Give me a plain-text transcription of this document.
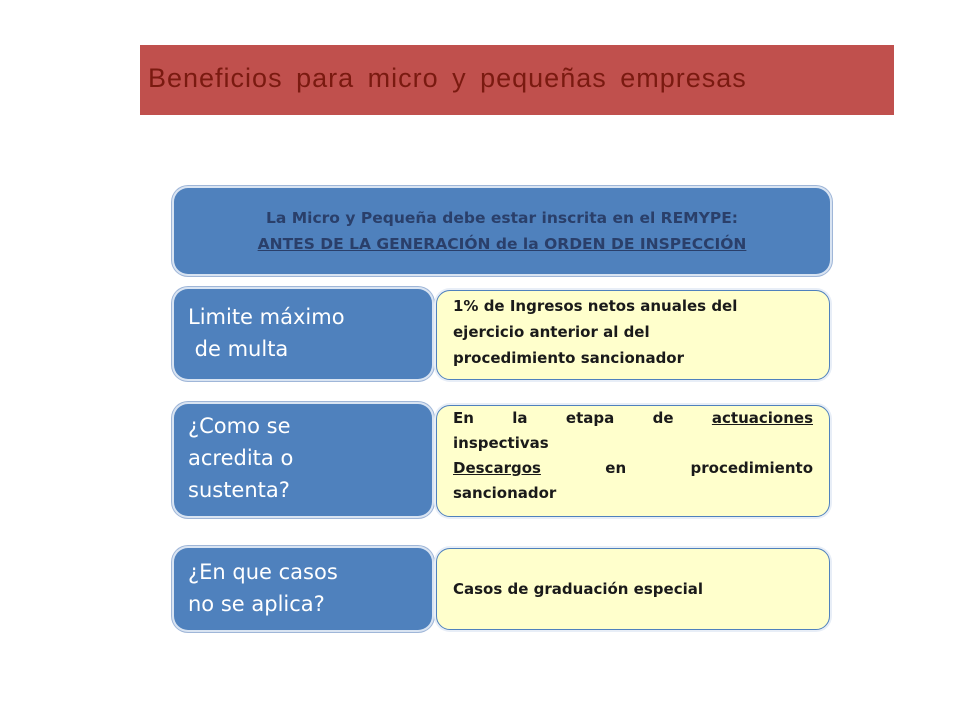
Beneficios para micro y pequeñas empresas
La Micro y Pequeña debe estar inscrita en el REMYPE:
ANTES DE LA GENERACIÓN de la ORDEN DE INSPECCIÓN
Limite máximo
de multa
1% de Ingresos netos anuales del
ejercicio anterior al del
procedimiento sancionador
¿Como se
acredita o
sustenta?
En la etapa de actuaciones
inspectivas
Descargos en procedimiento
sancionador
¿En que casos
no se aplica?
Casos de graduación especial
